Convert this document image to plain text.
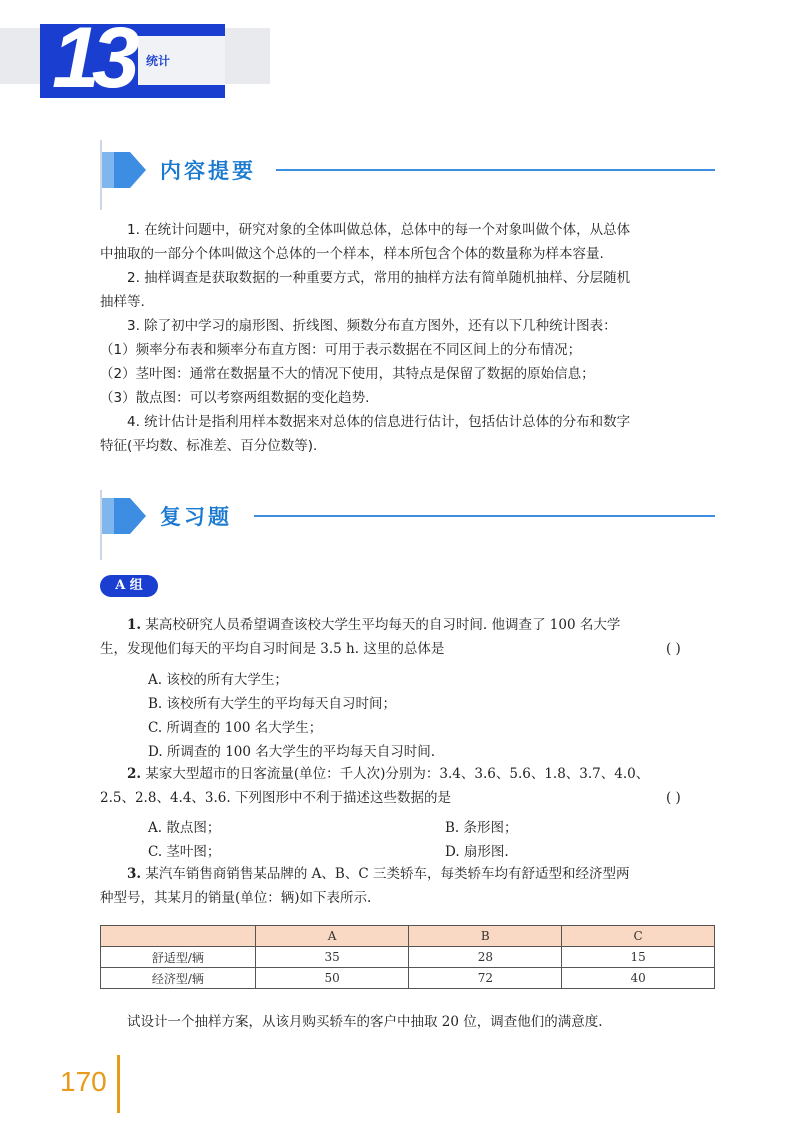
13 统计
内容提要
1. 在统计问题中，研究对象的全体叫做总体，总体中的每一个对象叫做个体，从总体
中抽取的一部分个体叫做这个总体的一个样本，样本所包含个体的数量称为样本容量.
2. 抽样调查是获取数据的一种重要方式，常用的抽样方法有简单随机抽样、分层随机
抽样等.
3. 除了初中学习的扇形图、折线图、频数分布直方图外，还有以下几种统计图表：
（1）频率分布表和频率分布直方图：可用于表示数据在不同区间上的分布情况；
（2）茎叶图：通常在数据量不大的情况下使用，其特点是保留了数据的原始信息；
（3）散点图：可以考察两组数据的变化趋势.
4. 统计估计是指利用样本数据来对总体的信息进行估计，包括估计总体的分布和数字
特征(平均数、标准差、百分位数等).
复习题
A 组
1. 某高校研究人员希望调查该校大学生平均每天的自习时间. 他调查了 100 名大学
生，发现他们每天的平均自习时间是 3.5 h. 这里的总体是	( )
A. 该校的所有大学生；
B. 该校所有大学生的平均每天自习时间；
C. 所调查的 100 名大学生；
D. 所调查的 100 名大学生的平均每天自习时间.
2. 某家大型超市的日客流量(单位：千人次)分别为：3.4、3.6、5.6、1.8、3.7、4.0、
2.5、2.8、4.4、3.6. 下列图形中不利于描述这些数据的是	( )
A. 散点图；	B. 条形图；
C. 茎叶图；	D. 扇形图.
3. 某汽车销售商销售某品牌的 A、B、C 三类轿车，每类轿车均有舒适型和经济型两
种型号，其某月的销量(单位：辆)如下表所示.
	A	B	C
舒适型/辆	35	28	15
经济型/辆	50	72	40
试设计一个抽样方案，从该月购买轿车的客户中抽取 20 位，调查他们的满意度.
170
